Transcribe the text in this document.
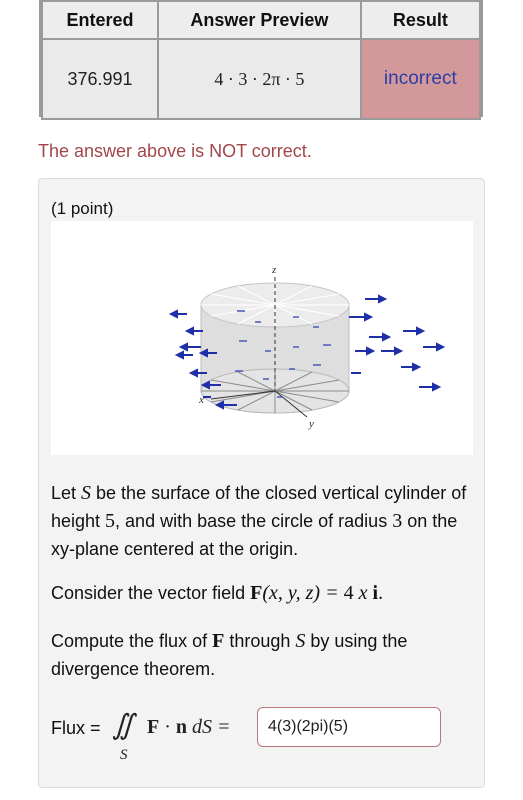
Entered	Answer Preview	Result
376.991	4 · 3 · 2π · 5	incorrect
The answer above is NOT correct.
(1 point)
z
x
y
Let S be the surface of the closed vertical cylinder of height 5, and with base the circle of radius 3 on the xy-plane centered at the origin.
Consider the vector field F(x, y, z) = 4 x i.
Compute the flux of F through S by using the divergence theorem.
Flux = ∬
S
F · n dS =
4(3)(2pi)(5)
